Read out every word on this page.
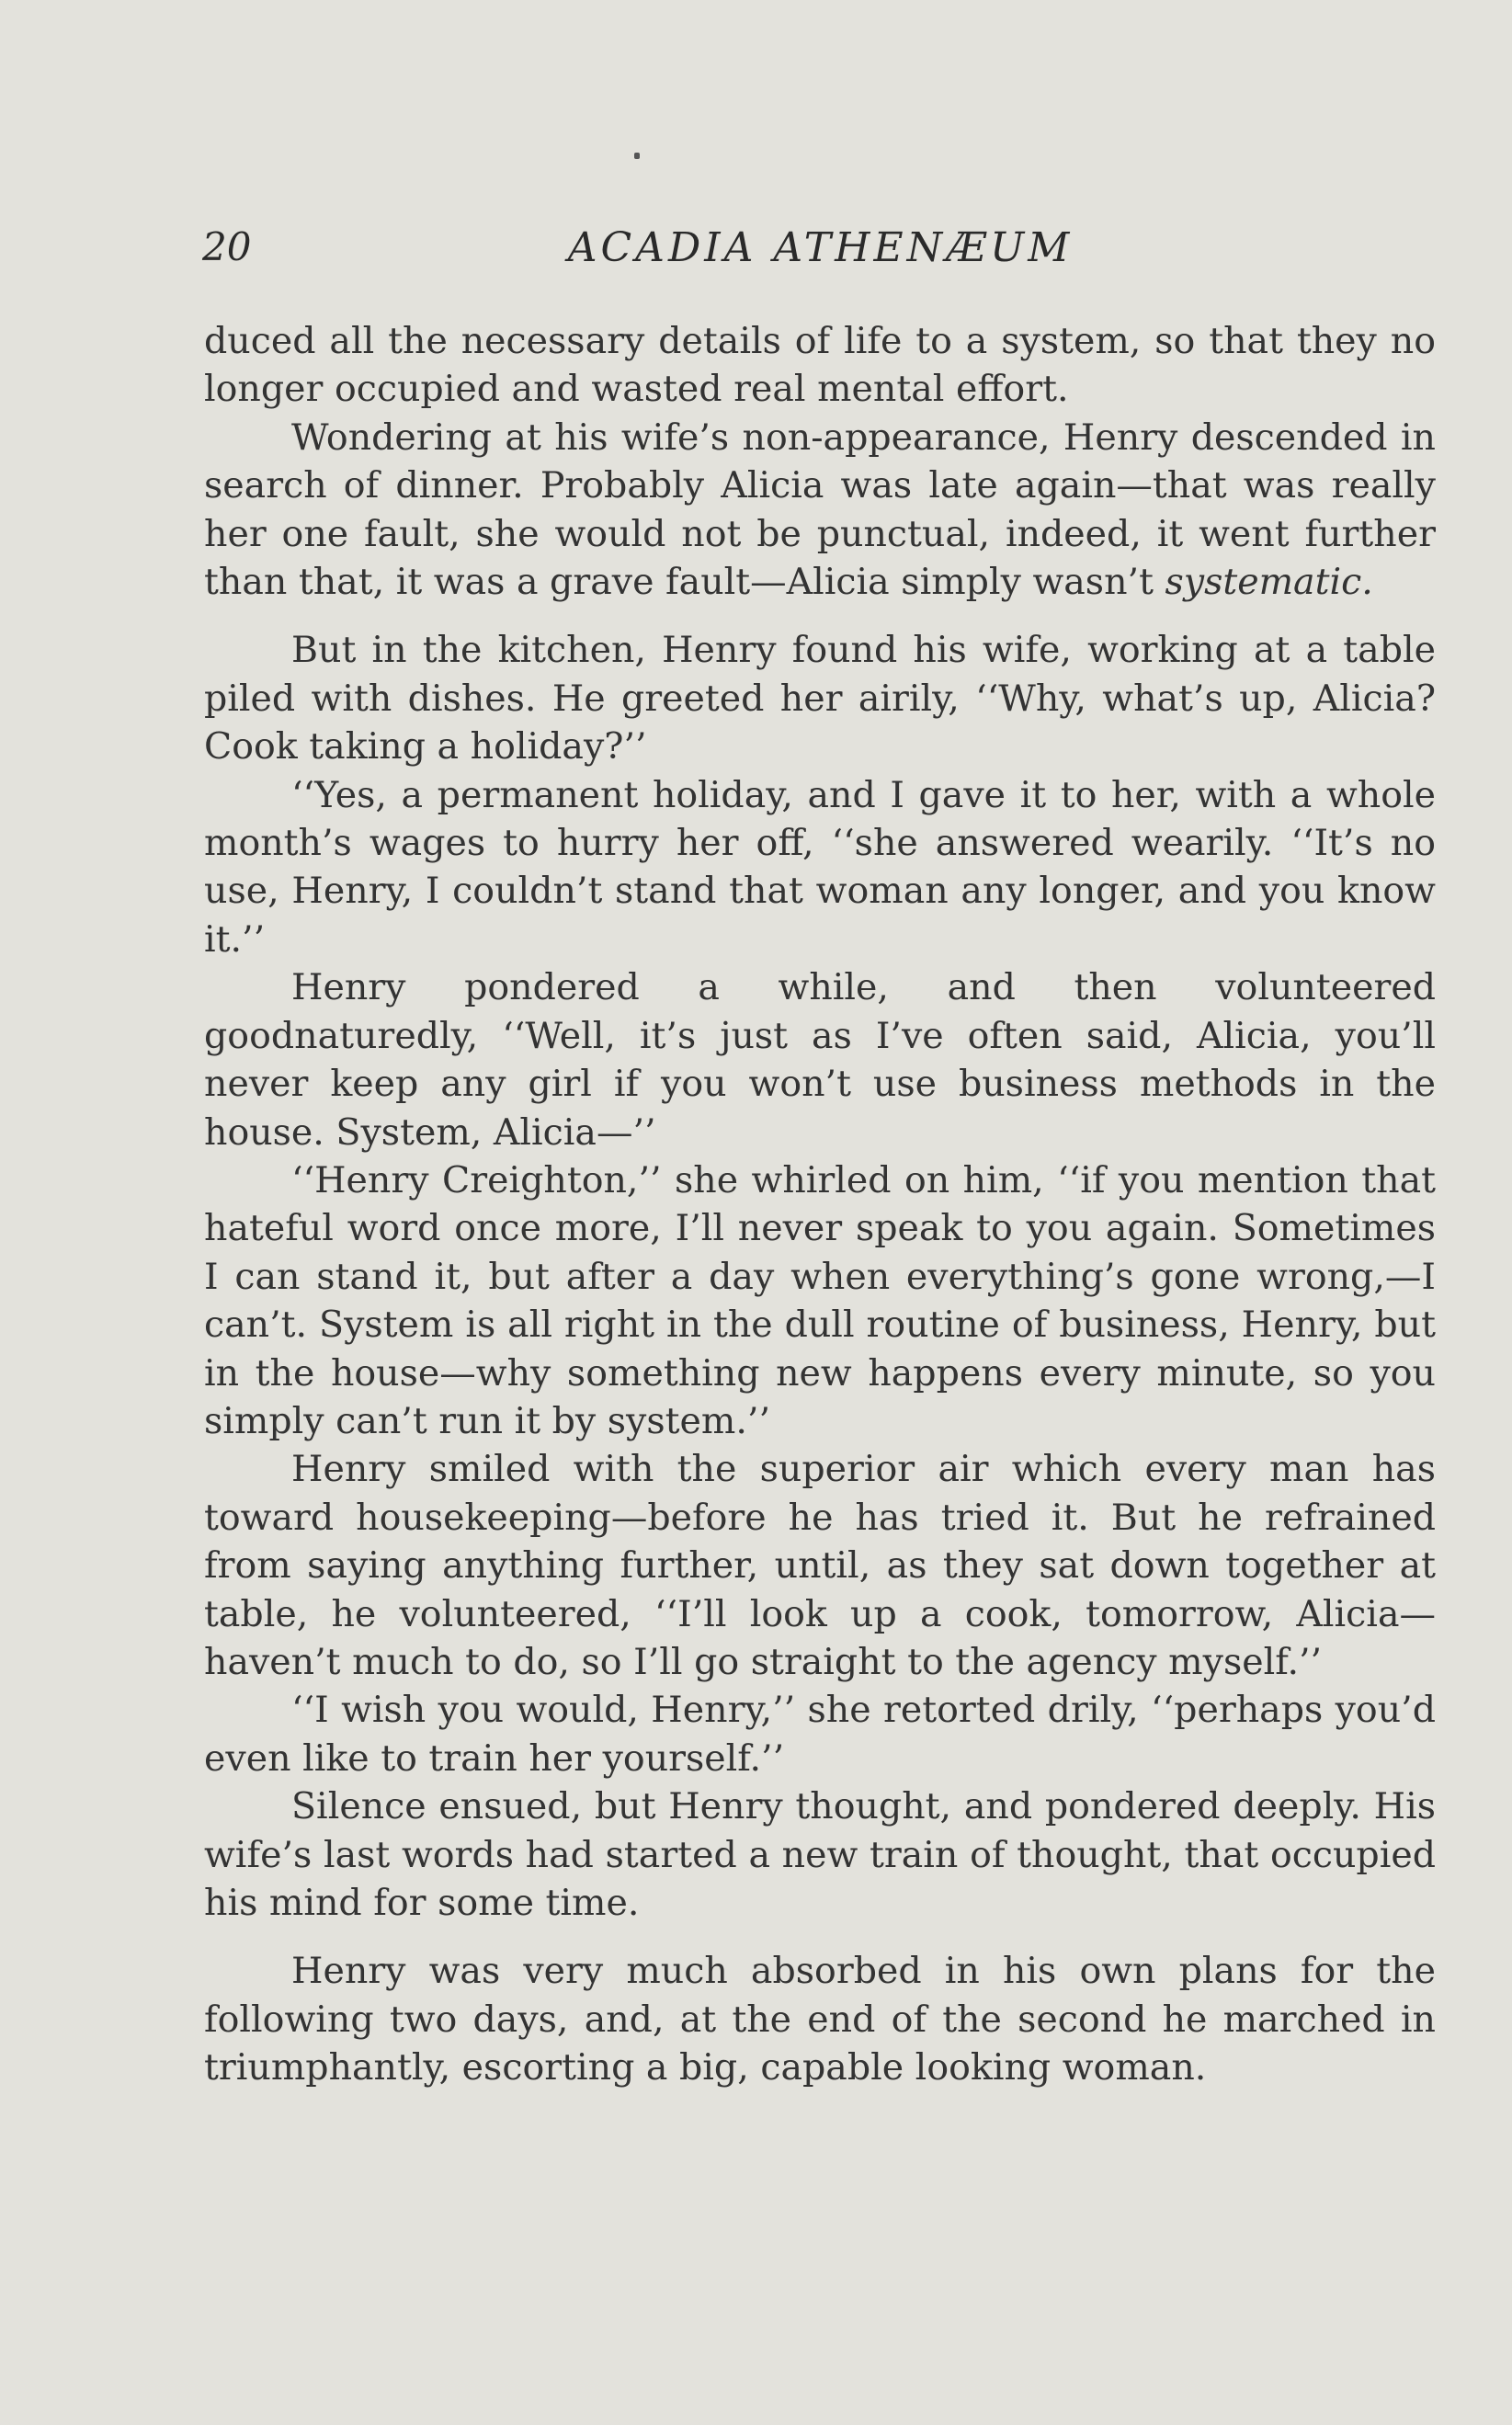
20	ACADIA ATHENÆUM

duced all the necessary details of life to a system, so that they no longer occupied and wasted real mental effort.

Wondering at his wife’s non-appearance, Henry descended in search of dinner. Probably Alicia was late again—that was really her one fault, she would not be punctual, indeed, it went further than that, it was a grave fault—Alicia simply wasn’t systematic.

But in the kitchen, Henry found his wife, working at a table piled with dishes. He greeted her airily, ‘‘Why, what’s up, Alicia? Cook taking a holiday?’’

‘‘Yes, a permanent holiday, and I gave it to her, with a whole month’s wages to hurry her off, ‘‘she answered wearily. ‘‘It’s no use, Henry, I couldn’t stand that woman any longer, and you know it.’’

Henry pondered a while, and then volunteered goodnaturedly, ‘‘Well, it’s just as I’ve often said, Alicia, you’ll never keep any girl if you won’t use business methods in the house. System, Alicia—’’

‘‘Henry Creighton,’’ she whirled on him, ‘‘if you mention that hateful word once more, I’ll never speak to you again. Sometimes I can stand it, but after a day when everything’s gone wrong,—I can’t. System is all right in the dull routine of business, Henry, but in the house—why something new happens every minute, so you simply can’t run it by system.’’

Henry smiled with the superior air which every man has toward housekeeping—before he has tried it. But he refrained from saying anything further, until, as they sat down together at table, he volunteered, ‘‘I’ll look up a cook, tomorrow, Alicia—haven’t much to do, so I’ll go straight to the agency myself.’’

‘‘I wish you would, Henry,’’ she retorted drily, ‘‘perhaps you’d even like to train her yourself.’’

Silence ensued, but Henry thought, and pondered deeply. His wife’s last words had started a new train of thought, that occupied his mind for some time.

Henry was very much absorbed in his own plans for the following two days, and, at the end of the second he marched in triumphantly, escorting a big, capable looking woman.
